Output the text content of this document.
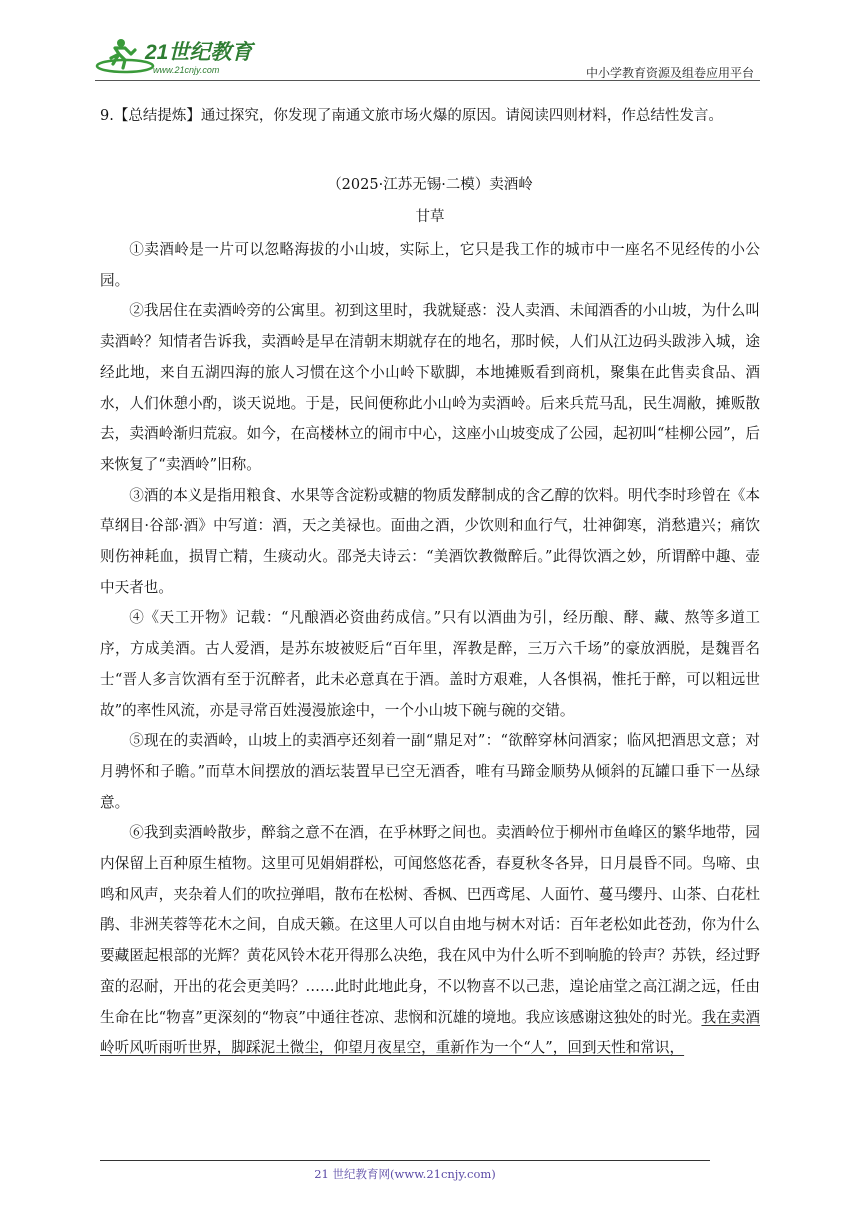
21世纪教育
www.21cnjy.com	中小学教育资源及组卷应用平台
9.【总结提炼】通过探究，你发现了南通文旅市场火爆的原因。请阅读四则材料，作总结性发言。
（2025·江苏无锡·二模）卖酒岭
甘草

①卖酒岭是一片可以忽略海拔的小山坡，实际上，它只是我工作的城市中一座名不见经传的小公园。

②我居住在卖酒岭旁的公寓里。初到这里时，我就疑惑：没人卖酒、未闻酒香的小山坡，为什么叫卖酒岭？知情者告诉我，卖酒岭是早在清朝末期就存在的地名，那时候，人们从江边码头跋涉入城，途经此地，来自五湖四海的旅人习惯在这个小山岭下歇脚，本地摊贩看到商机，聚集在此售卖食品、酒水，人们休憩小酌，谈天说地。于是，民间便称此小山岭为卖酒岭。后来兵荒马乱，民生凋敝，摊贩散去，卖酒岭渐归荒寂。如今，在高楼林立的闹市中心，这座小山坡变成了公园，起初叫“桂柳公园”，后来恢复了“卖酒岭”旧称。

③酒的本义是指用粮食、水果等含淀粉或糖的物质发酵制成的含乙醇的饮料。明代李时珍曾在《本草纲目·谷部·酒》中写道：酒，天之美禄也。面曲之酒，少饮则和血行气，壮神御寒，消愁遣兴；痛饮则伤神耗血，损胃亡精，生痰动火。邵尧夫诗云：“美酒饮教微醉后。”此得饮酒之妙，所谓醉中趣、壶中天者也。

④《天工开物》记载：“凡酿酒必资曲药成信。”只有以酒曲为引，经历酿、酵、藏、熬等多道工序，方成美酒。古人爱酒，是苏东坡被贬后“百年里，浑教是醉，三万六千场”的豪放洒脱，是魏晋名士“晋人多言饮酒有至于沉醉者，此未必意真在于酒。盖时方艰难，人各惧祸，惟托于醉，可以粗远世故”的率性风流，亦是寻常百姓漫漫旅途中，一个小山坡下碗与碗的交错。

⑤现在的卖酒岭，山坡上的卖酒亭还刻着一副“鼎足对”：“欲醉穿林问酒家；临风把酒思文意；对月骋怀和子瞻。”而草木间摆放的酒坛装置早已空无酒香，唯有马蹄金顺势从倾斜的瓦罐口垂下一丛绿意。

⑥我到卖酒岭散步，醉翁之意不在酒，在乎林野之间也。卖酒岭位于柳州市鱼峰区的繁华地带，园内保留上百种原生植物。这里可见娟娟群松，可闻悠悠花香，春夏秋冬各异，日月晨昏不同。鸟啼、虫鸣和风声，夹杂着人们的吹拉弹唱，散布在松树、香枫、巴西鸢尾、人面竹、蔓马缨丹、山茶、白花杜鹃、非洲芙蓉等花木之间，自成天籁。在这里人可以自由地与树木对话：百年老松如此苍劲，你为什么要藏匿起根部的光辉？黄花风铃木花开得那么决绝，我在风中为什么听不到响脆的铃声？苏铁，经过野蛮的忍耐，开出的花会更美吗？……此时此地此身，不以物喜不以己悲，遑论庙堂之高江湖之远，任由生命在比“物喜”更深刻的“物哀”中通往苍凉、悲悯和沉雄的境地。我应该感谢这独处的时光。我在卖酒岭听风听雨听世界，脚踩泥土微尘，仰望月夜星空，重新作为一个“人”，回到天性和常识，

21 世纪教育网(www.21cnjy.com)
